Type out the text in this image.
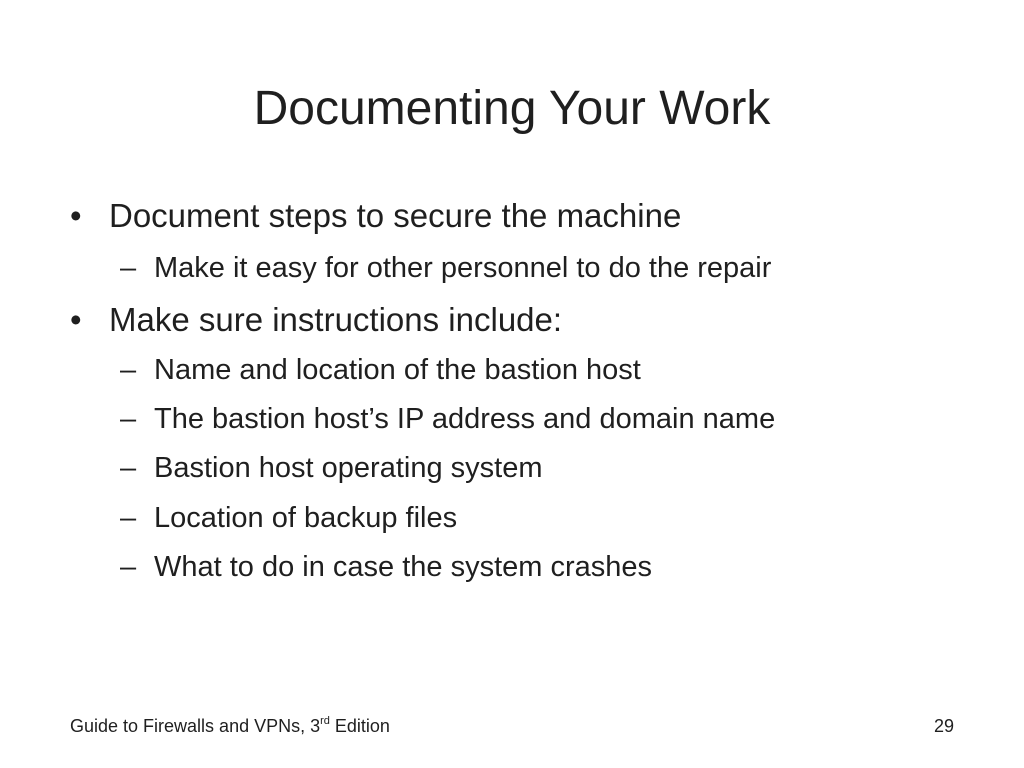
Documenting Your Work
• Document steps to secure the machine
– Make it easy for other personnel to do the repair
• Make sure instructions include:
– Name and location of the bastion host
– The bastion host’s IP address and domain name
– Bastion host operating system
– Location of backup files
– What to do in case the system crashes
Guide to Firewalls and VPNs, 3rd Edition	29
